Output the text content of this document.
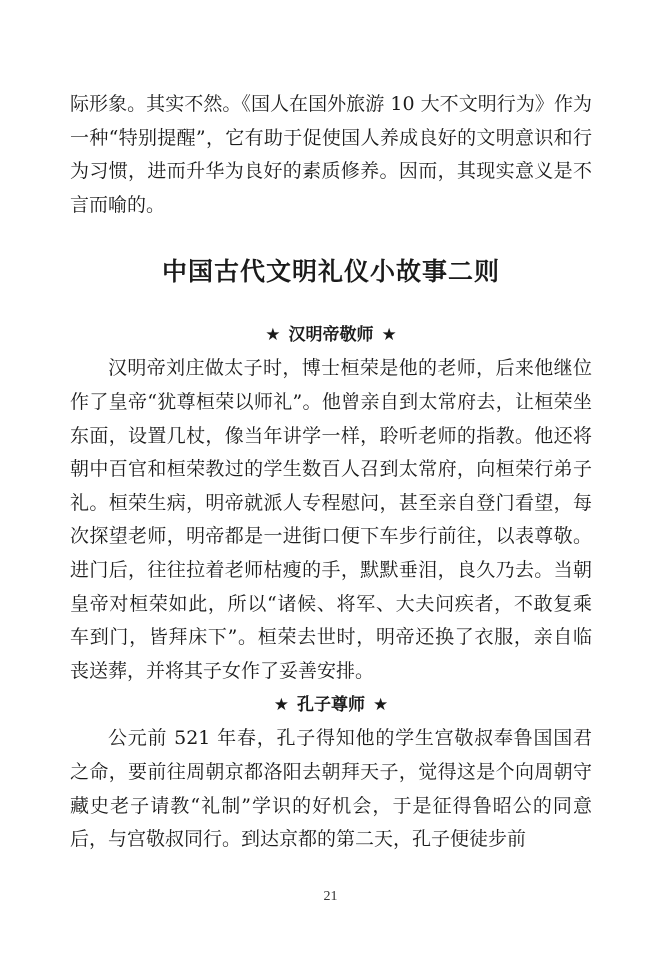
际形象。其实不然。《国人在国外旅游 10 大不文明行为》作为一种“特别提醒”，它有助于促使国人养成良好的文明意识和行为习惯，进而升华为良好的素质修养。因而，其现实意义是不言而喻的。

中国古代文明礼仪小故事二则
★ 汉明帝敬师 ★

汉明帝刘庄做太子时，博士桓荣是他的老师，后来他继位作了皇帝“犹尊桓荣以师礼”。他曾亲自到太常府去，让桓荣坐东面，设置几杖，像当年讲学一样，聆听老师的指教。他还将朝中百官和桓荣教过的学生数百人召到太常府，向桓荣行弟子礼。桓荣生病，明帝就派人专程慰问，甚至亲自登门看望，每次探望老师，明帝都是一进街口便下车步行前往，以表尊敬。进门后，往往拉着老师枯瘦的手，默默垂泪，良久乃去。当朝皇帝对桓荣如此，所以“诸候、将军、大夫问疾者，不敢复乘车到门，皆拜床下”。桓荣去世时，明帝还换了衣服，亲自临丧送葬，并将其子女作了妥善安排。

★ 孔子尊师 ★

公元前 521 年春，孔子得知他的学生宫敬叔奉鲁国国君之命，要前往周朝京都洛阳去朝拜天子，觉得这是个向周朝守藏史老子请教“礼制”学识的好机会，于是征得鲁昭公的同意后，与宫敬叔同行。到达京都的第二天，孔子便徒步前

21
